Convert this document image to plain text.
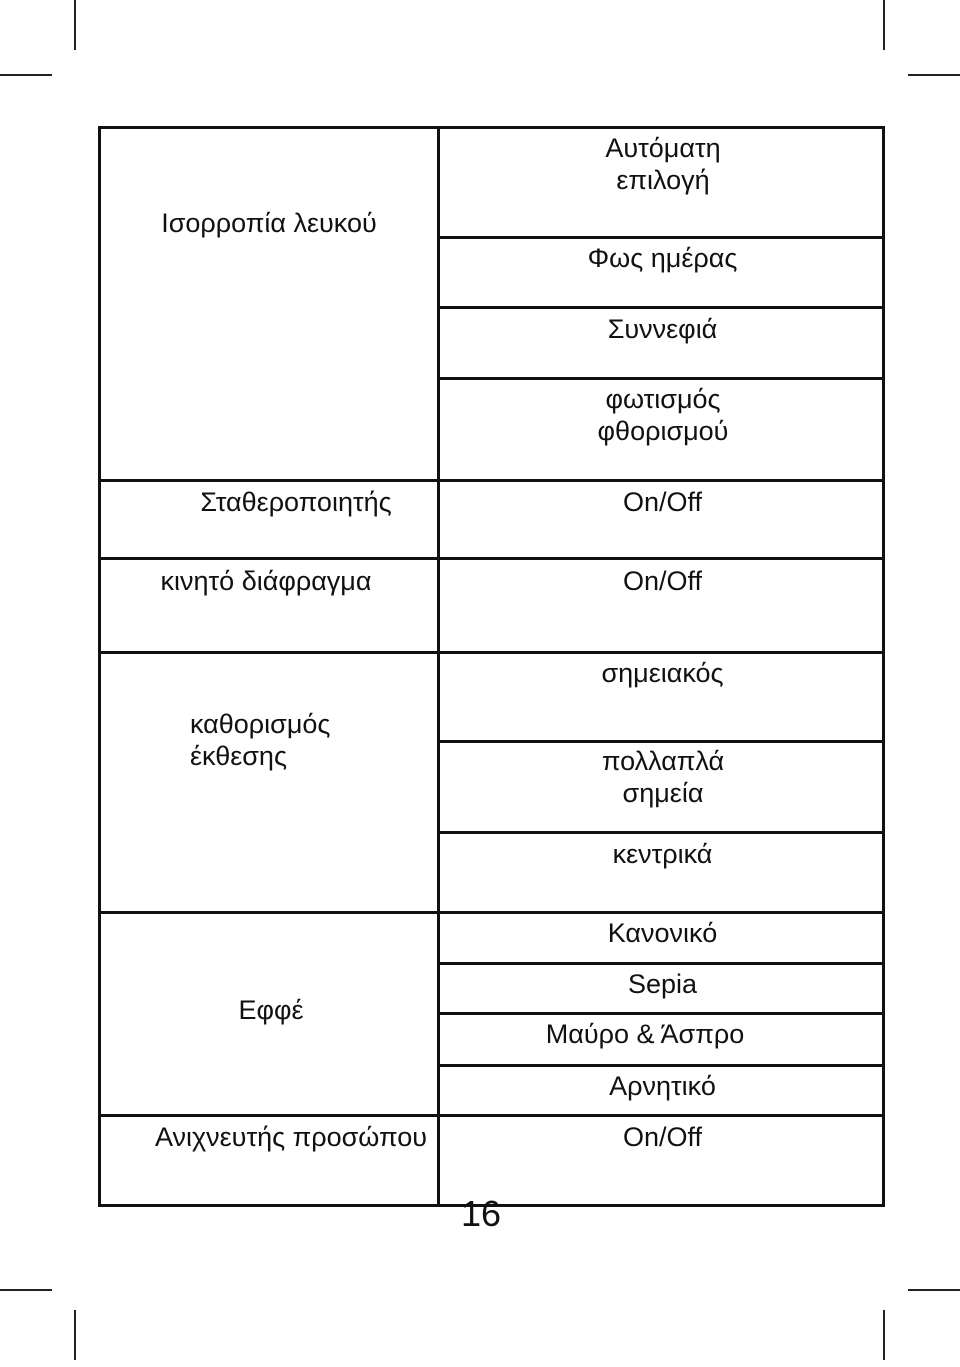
Ισορροπία λευκού
Σταθεροποιητής
κινητό διάφραγμα
καθορισμός έκθεσης
Εφφέ
Ανιχνευτής προσώπου
Αυτόματη επιλογή
Φως ημέρας
Συννεφιά
φωτισμός φθορισμού
On/Off
On/Off
σημειακός
πολλαπλά σημεία
κεντρικά
Κανονικό
Sepia
Μαύρο & Άσπρο
Αρνητικό
On/Off
16
